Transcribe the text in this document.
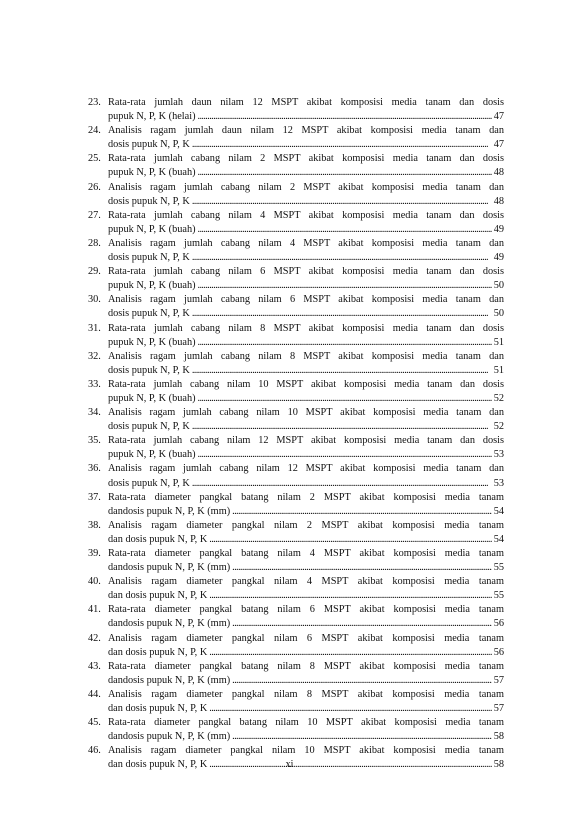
23. Rata-rata jumlah daun nilam 12 MSPT akibat komposisi media tanam dan dosis
pupuk N, P, K (helai) . . .	47
24. Analisis ragam jumlah daun nilam 12 MSPT akibat komposisi media tanam dan
dosis pupuk N, P, K . . .	47
25. Rata-rata jumlah cabang nilam 2 MSPT akibat komposisi media tanam dan dosis
pupuk N, P, K (buah) . . .	48
26. Analisis ragam jumlah cabang nilam 2 MSPT akibat komposisi media tanam dan
dosis pupuk N, P, K . . .	48
27. Rata-rata jumlah cabang nilam 4 MSPT akibat komposisi media tanam dan dosis
pupuk N, P, K (buah) . . .	49
28. Analisis ragam jumlah cabang nilam 4 MSPT akibat komposisi media tanam dan
dosis pupuk N, P, K . . .	49
29. Rata-rata jumlah cabang nilam 6 MSPT akibat komposisi media tanam dan dosis
pupuk N, P, K (buah) . . .	50
30. Analisis ragam jumlah cabang nilam 6 MSPT akibat komposisi media tanam dan
dosis pupuk N, P, K . . .	50
31. Rata-rata jumlah cabang nilam 8 MSPT akibat komposisi media tanam dan dosis
pupuk N, P, K (buah) . . .	51
32. Analisis ragam jumlah cabang nilam 8 MSPT akibat komposisi media tanam dan
dosis pupuk N, P, K . . .	51
33. Rata-rata jumlah cabang nilam 10 MSPT akibat komposisi media tanam dan dosis
pupuk N, P, K (buah) . . .	52
34. Analisis ragam jumlah cabang nilam 10 MSPT akibat komposisi media tanam dan
dosis pupuk N, P, K . . .	52
35. Rata-rata jumlah cabang nilam 12 MSPT akibat komposisi media tanam dan dosis
pupuk N, P, K (buah) . . .	53
36. Analisis ragam jumlah cabang nilam 12 MSPT akibat komposisi media tanam dan
dosis pupuk N, P, K . . .	53
37. Rata-rata diameter pangkal batang nilam 2 MSPT akibat komposisi media tanam
dandosis pupuk N, P, K (mm) . . .	54
38. Analisis ragam diameter pangkal nilam 2 MSPT akibat komposisi media tanam
dan dosis pupuk N, P, K . . .	54
39. Rata-rata diameter pangkal batang nilam 4 MSPT akibat komposisi media tanam
dandosis pupuk N, P, K (mm) . . .	55
40. Analisis ragam diameter pangkal nilam 4 MSPT akibat komposisi media tanam
dan dosis pupuk N, P, K . . .	55
41. Rata-rata diameter pangkal batang nilam 6 MSPT akibat komposisi media tanam
dandosis pupuk N, P, K (mm) . . .	56
42. Analisis ragam diameter pangkal nilam 6 MSPT akibat komposisi media tanam
dan dosis pupuk N, P, K . . .	56
43. Rata-rata diameter pangkal batang nilam 8 MSPT akibat komposisi media tanam
dandosis pupuk N, P, K (mm) . . .	57
44. Analisis ragam diameter pangkal nilam 8 MSPT akibat komposisi media tanam
dan dosis pupuk N, P, K . . .	57
45. Rata-rata diameter pangkal batang nilam 10 MSPT akibat komposisi media tanam
dandosis pupuk N, P, K (mm) . . .	58
46. Analisis ragam diameter pangkal nilam 10 MSPT akibat komposisi media tanam
dan dosis pupuk N, P, K . . .	58
xi
